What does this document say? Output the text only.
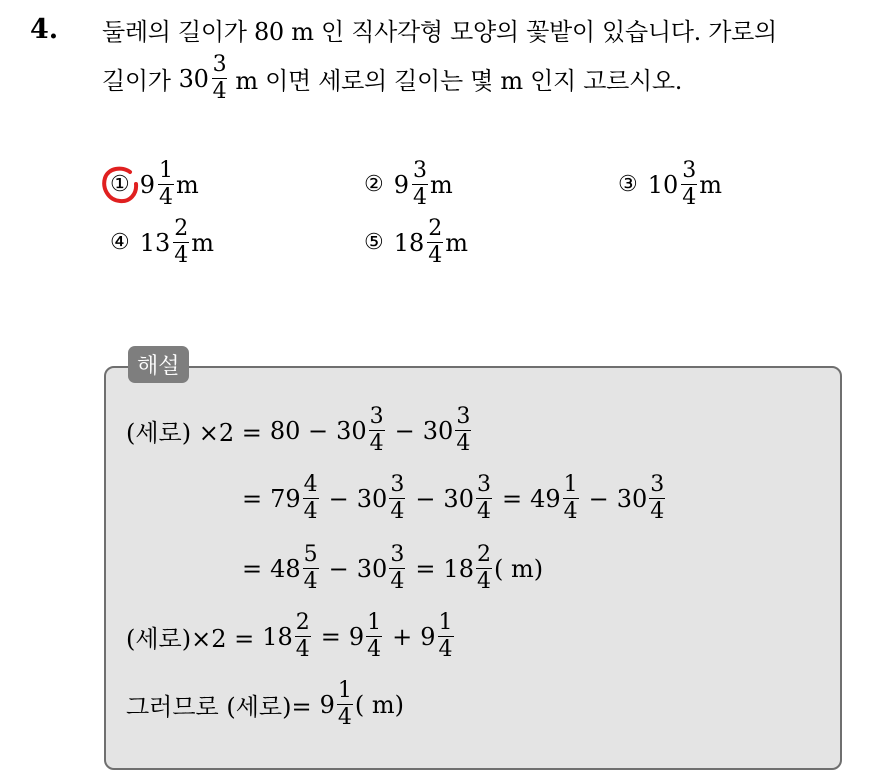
4. 둘레의 길이가 80 m 인 직사각형 모양의 꽃밭이 있습니다. 가로의
길이가 $30 \frac{3}{4}$ m 이면 세로의 길이는 몇 m 인지 고르시오.
① $9 \frac{1}{4}$ m	② $9 \frac{3}{4}$ m	③ $10 \frac{3}{4}$ m
④ $13 \frac{2}{4}$ m	⑤ $18 \frac{2}{4}$ m
해설
(세로) $\times 2 = 80 - 30 \frac{3}{4} - 30 \frac{3}{4}$
= $79 \frac{4}{4} - 30 \frac{3}{4} - 30 \frac{3}{4} = 49 \frac{1}{4} - 30 \frac{3}{4}$
= $48 \frac{5}{4} - 30 \frac{3}{4} = 18 \frac{2}{4}$ ( m)
(세로)$\times 2 = 18 \frac{2}{4} = 9 \frac{1}{4} + 9 \frac{1}{4}$
그러므로 (세로)= $9 \frac{1}{4}$ ( m)
